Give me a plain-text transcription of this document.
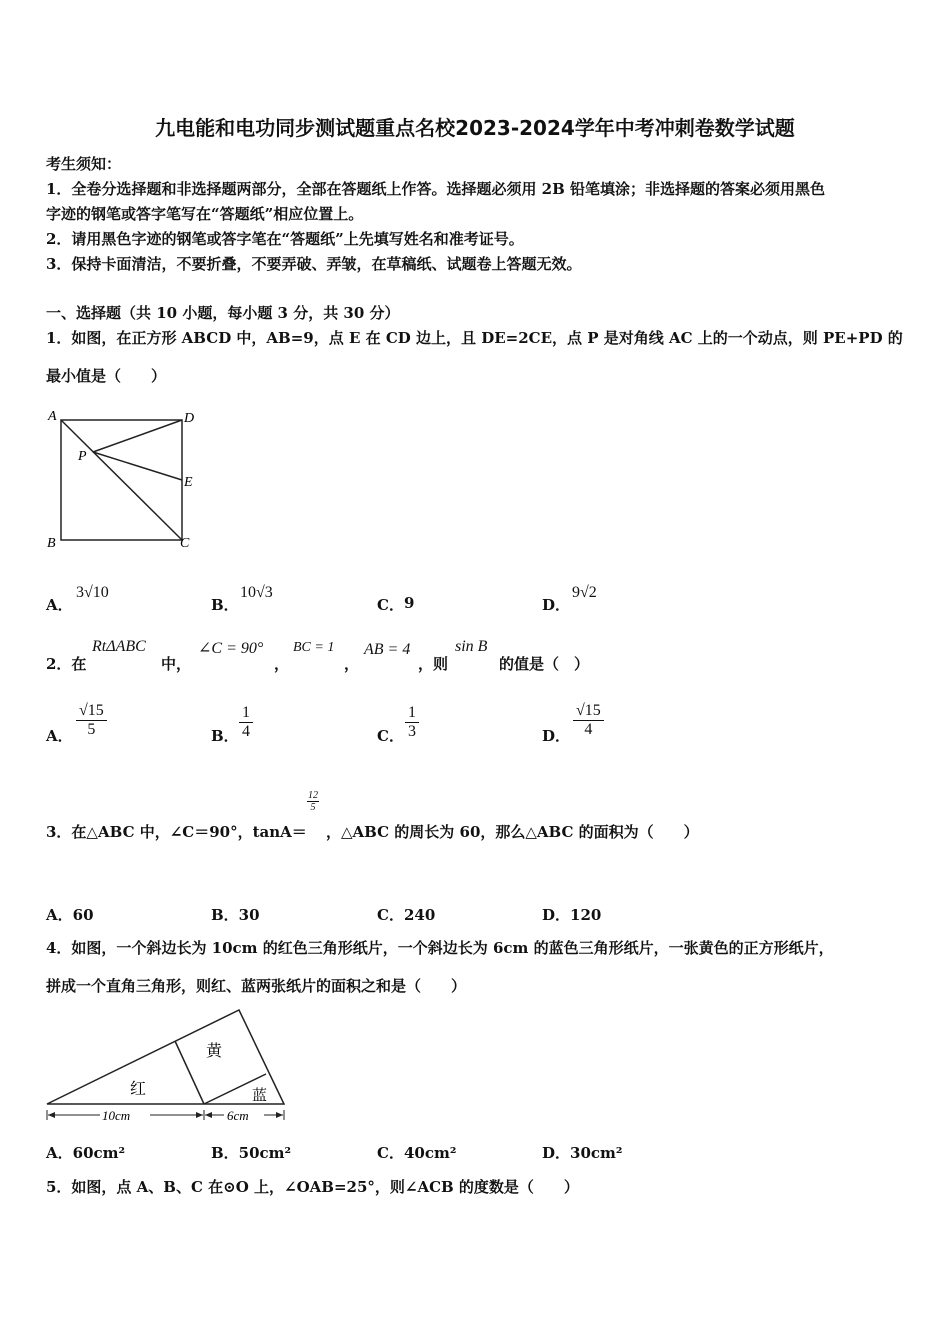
九电能和电功同步测试题重点名校2023-2024学年中考冲刺卷数学试题
考生须知：
1．全卷分选择题和非选择题两部分，全部在答题纸上作答。选择题必须用 2B 铅笔填涂；非选择题的答案必须用黑色
字迹的钢笔或答字笔写在“答题纸”相应位置上。
2．请用黑色字迹的钢笔或答字笔在“答题纸”上先填写姓名和准考证号。
3．保持卡面清洁，不要折叠，不要弄破、弄皱，在草稿纸、试题卷上答题无效。
一、选择题（共 10 小题，每小题 3 分，共 30 分）
1．如图，在正方形 ABCD 中，AB=9，点 E 在 CD 边上，且 DE=2CE，点 P 是对角线 AC 上的一个动点，则 PE+PD 的
最小值是（　　）
A	D
P
E
B	C
A．
3√10
B．
10√3
C． 9	D．
9√2
2．在
RtΔABC
中，
∠C = 90°
，
BC = 1
，
AB = 4
，则
sin B
的值是（　）
A． $\frac{√15}{5}$	B． $\frac{1}{4}$	C． $\frac{1}{3}$	D． $\frac{√15}{4}$
3．在△ABC 中，∠C＝90°，tanA＝
$\frac{12}{5}$
，△ABC 的周长为 60，那么△ABC 的面积为（　　）
A．60	B．30	C．240	D．120
4．如图，一个斜边长为 10cm 的红色三角形纸片，一个斜边长为 6cm 的蓝色三角形纸片，一张黄色的正方形纸片，
拼成一个直角三角形，则红、蓝两张纸片的面积之和是（　　）
黄
红	蓝
10cm	6cm
A．60cm²	B．50cm²	C．40cm²	D．30cm²
5．如图，点 A、B、C 在⊙O 上，∠OAB=25°，则∠ACB 的度数是（　　）
